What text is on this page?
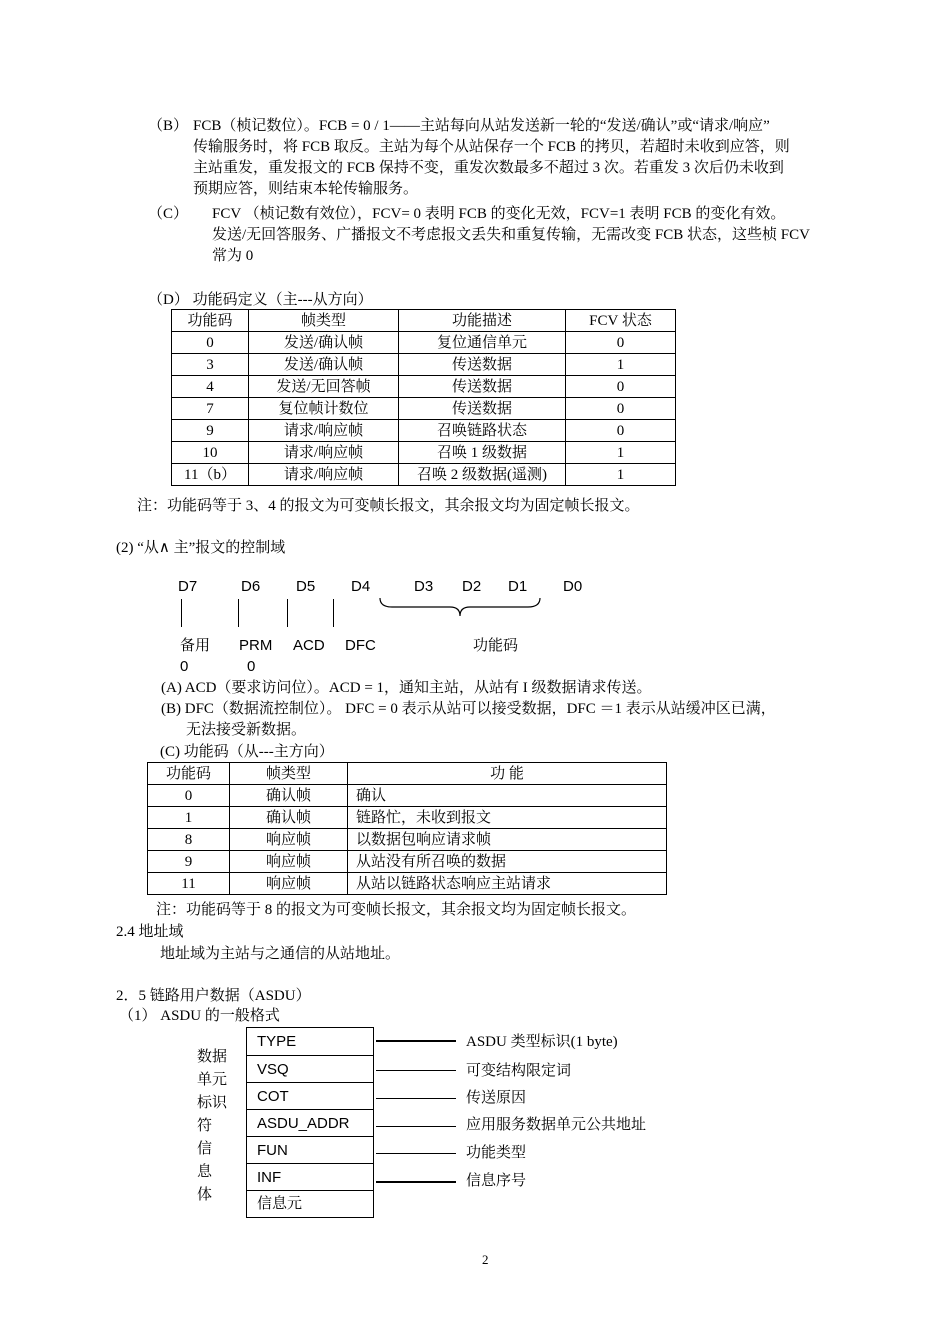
（B） FCB（桢记数位）。FCB = 0 / 1——主站每向从站发送新一轮的“发送/确认”或“请求/响应”
传输服务时，将 FCB 取反。主站为每个从站保存一个 FCB 的拷贝，若超时未收到应答，则
主站重发，重发报文的 FCB 保持不变，重发次数最多不超过 3 次。若重发 3 次后仍未收到
预期应答，则结束本轮传输服务。
（C） FCV （桢记数有效位），FCV= 0 表明 FCB 的变化无效，FCV=1 表明 FCB 的变化有效。
发送/无回答服务、广播报文不考虑报文丢失和重复传输，无需改变 FCB 状态，这些桢 FCV
常为 0
（D） 功能码定义（主---从方向）
功能码	帧类型	功能描述	FCV 状态
0	发送/确认帧	复位通信单元	0
3	发送/确认帧	传送数据	1
4	发送/无回答帧	传送数据	0
7	复位帧计数位	传送数据	0
9	请求/响应帧	召唤链路状态	0
10	请求/响应帧	召唤 1 级数据	1
11（b）	请求/响应帧	召唤 2 级数据(遥测)	1
注：功能码等于 3、4 的报文为可变帧长报文，其余报文均为固定帧长报文。
(2) “从∧ 主”报文的控制域
D7	D6 D5 D4	D3 D2 D1 D0
备用 PRM ACD DFC	功能码
0	0
(A) ACD（要求访问位）。ACD = 1，通知主站，从站有 I 级数据请求传送。
(B) DFC（数据流控制位）。 DFC = 0 表示从站可以接受数据，DFC ＝1 表示从站缓冲区已满，
无法接受新数据。
(C) 功能码（从---主方向）
功能码	帧类型	功 能
0	确认帧	确认
1	确认帧	链路忙，未收到报文
8	响应帧	以数据包响应请求帧
9	响应帧	从站没有所召唤的数据
11	响应帧	从站以链路状态响应主站请求
注：功能码等于 8 的报文为可变帧长报文，其余报文均为固定帧长报文。
2.4 地址域
地址域为主站与之通信的从站地址。
2．5 链路用户数据（ASDU）
（1） ASDU 的一般格式
数据
单元
标识
符
信
息
体
TYPE
VSQ
COT
ASDU_ADDR
FUN
INF
信息元
ASDU 类型标识(1 byte)
可变结构限定词
传送原因
应用服务数据单元公共地址
功能类型
信息序号
2
